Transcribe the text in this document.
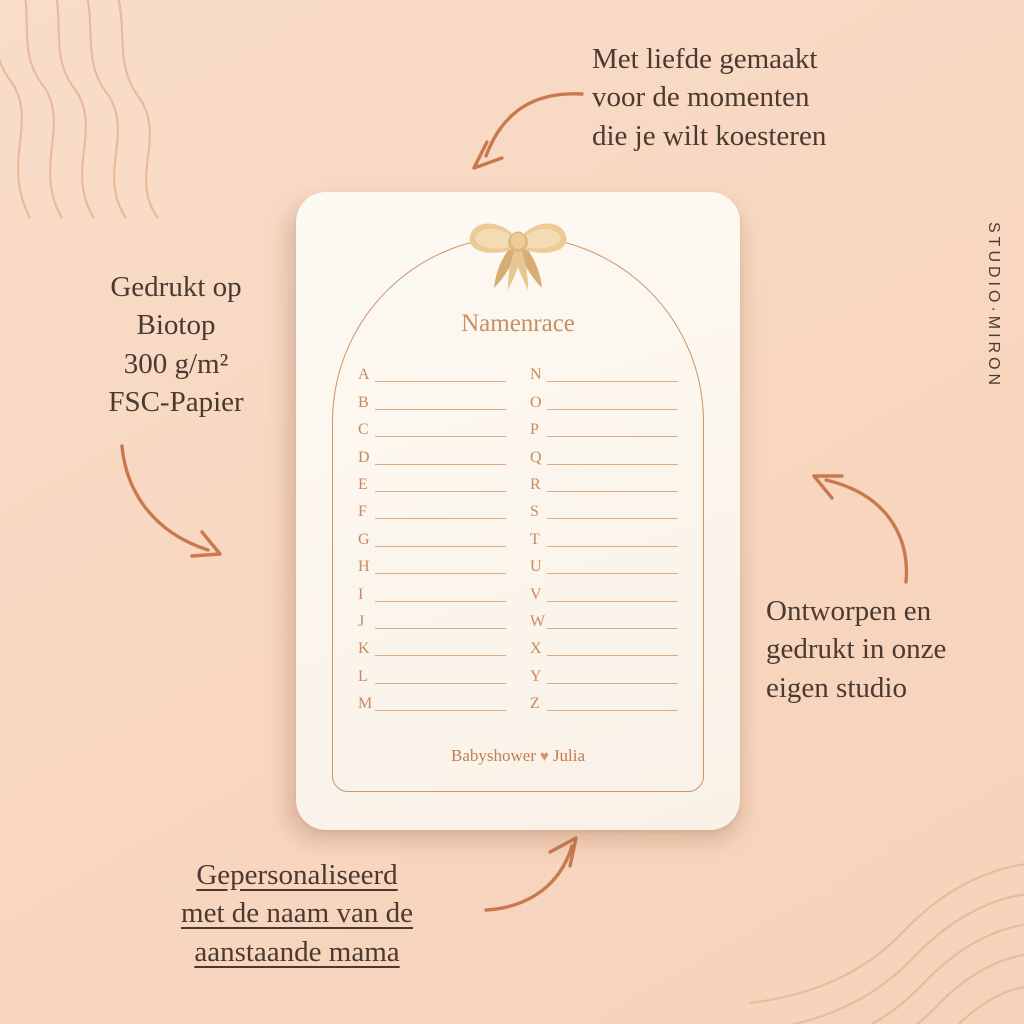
STUDIO·MIRON
Met liefde gemaakt
voor de momenten
die je wilt koesteren
Gedrukt op
Biotop
300 g/m²
FSC-Papier
Ontworpen en
gedrukt in onze
eigen studio
Gepersonaliseerd
met de naam van de
aanstaande mama
Namenrace
A
B
C
D
E
F
G
H
I
J
K
L
M
N
O
P
Q
R
S
T
U
V
W
X
Y
Z
Babyshower ♥ Julia
